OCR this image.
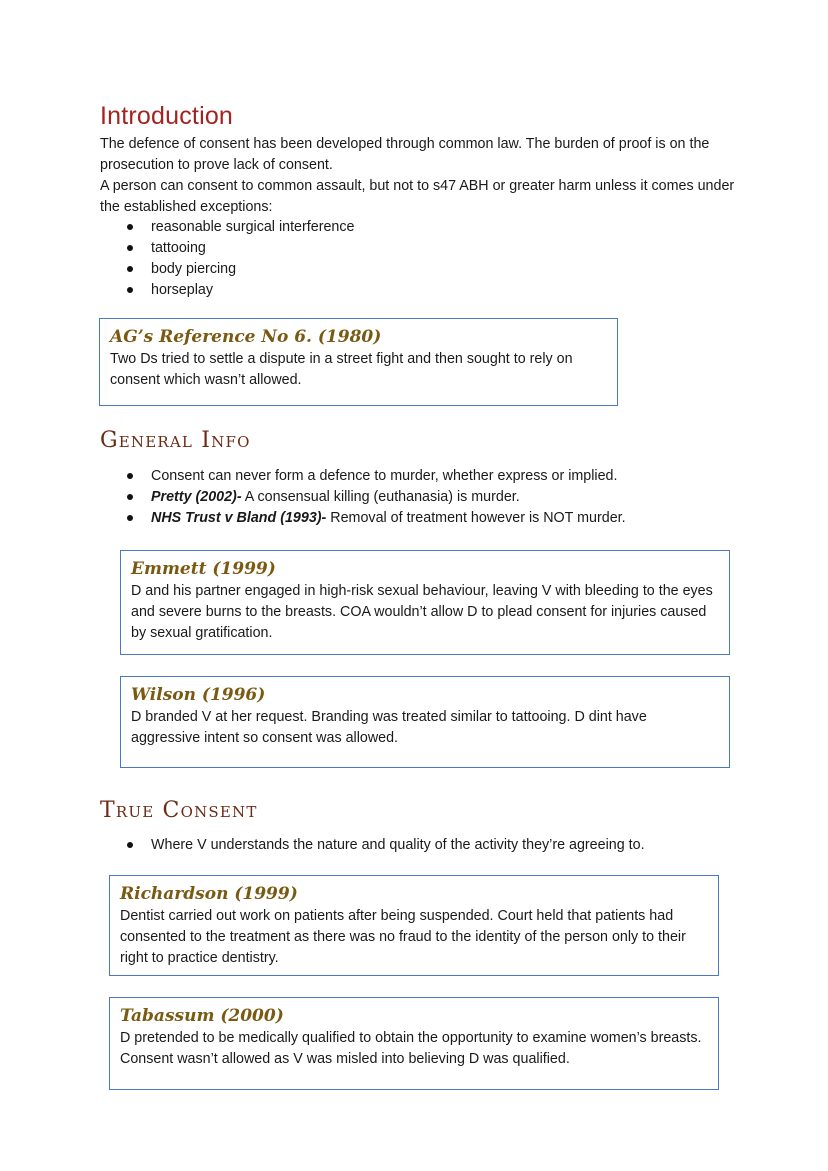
Introduction

The defence of consent has been developed through common law. The burden of proof is on the prosecution to prove lack of consent.

A person can consent to common assault, but not to s47 ABH or greater harm unless it comes under the established exceptions:

reasonable surgical interference
tattooing
body piercing
horseplay
AG’s Reference No 6. (1980)
Two Ds tried to settle a dispute in a street fight and then sought to rely on consent which wasn’t allowed.
General Info
Consent can never form a defence to murder, whether express or implied.
Pretty (2002)- A consensual killing (euthanasia) is murder.
NHS Trust v Bland (1993)- Removal of treatment however is NOT murder.
Emmett (1999)
D and his partner engaged in high-risk sexual behaviour, leaving V with bleeding to the eyes and severe burns to the breasts. COA wouldn’t allow D to plead consent for injuries caused by sexual gratification.
Wilson (1996)
D branded V at her request. Branding was treated similar to tattooing. D dint have aggressive intent so consent was allowed.
True Consent
Where V understands the nature and quality of the activity they’re agreeing to.
Richardson (1999)
Dentist carried out work on patients after being suspended. Court held that patients had consented to the treatment as there was no fraud to the identity of the person only to their right to practice dentistry.
Tabassum (2000)
D pretended to be medically qualified to obtain the opportunity to examine women’s breasts. Consent wasn’t allowed as V was misled into believing D was qualified.
